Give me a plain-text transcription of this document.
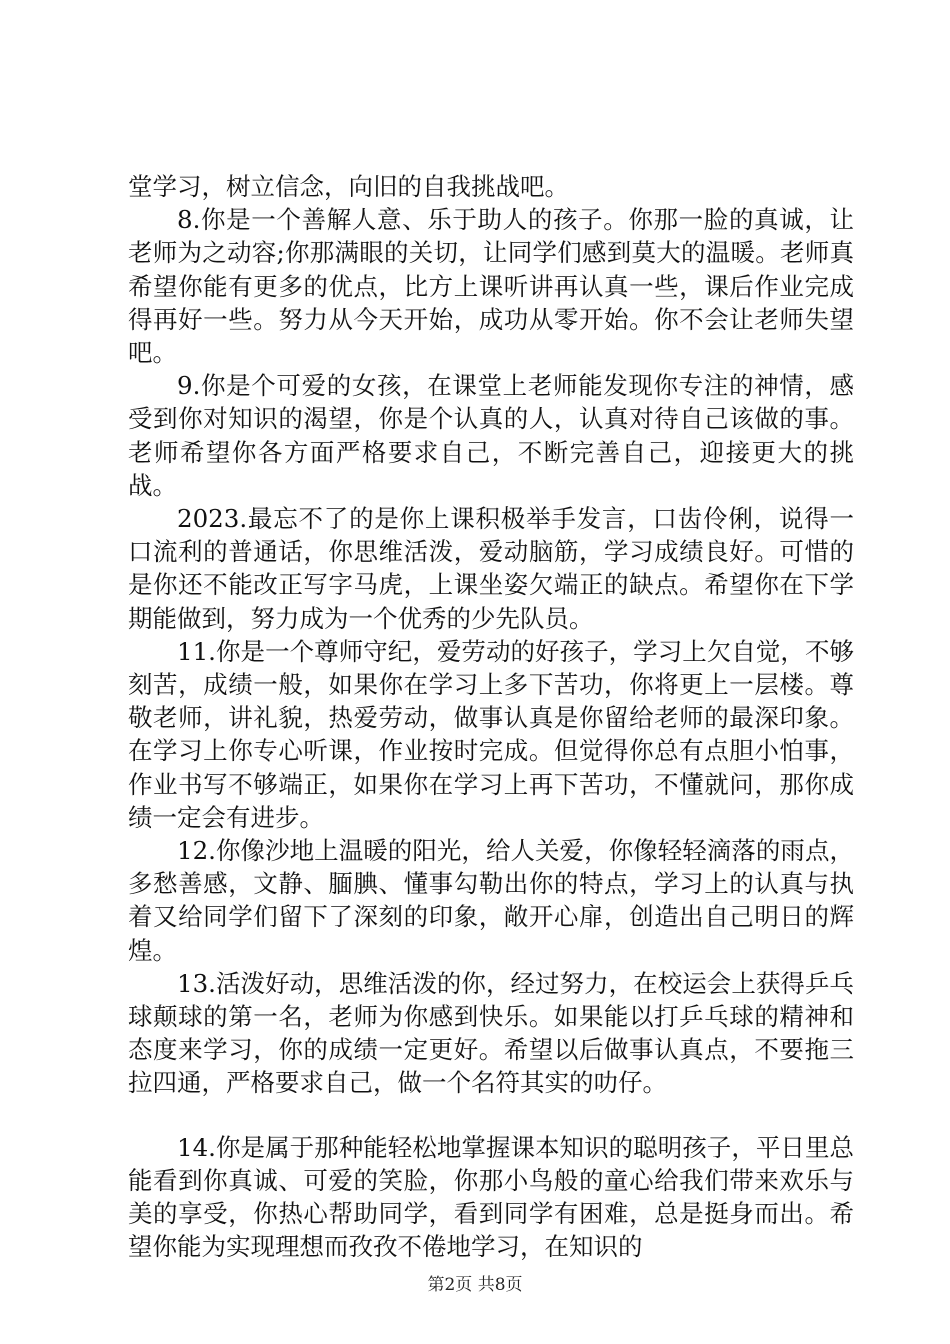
堂学习，树立信念，向旧的自我挑战吧。

8.你是一个善解人意、乐于助人的孩子。你那一脸的真诚，让老师为之动容;你那满眼的关切，让同学们感到莫大的温暖。老师真希望你能有更多的优点，比方上课听讲再认真一些，课后作业完成得再好一些。努力从今天开始，成功从零开始。你不会让老师失望吧。

9.你是个可爱的女孩，在课堂上老师能发现你专注的神情，感受到你对知识的渴望，你是个认真的人，认真对待自己该做的事。老师希望你各方面严格要求自己，不断完善自己，迎接更大的挑战。

2023.最忘不了的是你上课积极举手发言，口齿伶俐，说得一口流利的普通话，你思维活泼，爱动脑筋，学习成绩良好。可惜的是你还不能改正写字马虎，上课坐姿欠端正的缺点。希望你在下学期能做到，努力成为一个优秀的少先队员。

11.你是一个尊师守纪，爱劳动的好孩子，学习上欠自觉，不够刻苦，成绩一般，如果你在学习上多下苦功，你将更上一层楼。尊敬老师，讲礼貌，热爱劳动，做事认真是你留给老师的最深印象。在学习上你专心听课，作业按时完成。但觉得你总有点胆小怕事，作业书写不够端正，如果你在学习上再下苦功，不懂就问，那你成绩一定会有进步。

12.你像沙地上温暖的阳光，给人关爱，你像轻轻滴落的雨点，多愁善感，文静、腼腆、懂事勾勒出你的特点，学习上的认真与执着又给同学们留下了深刻的印象，敞开心扉，创造出自己明日的辉煌。

13.活泼好动，思维活泼的你，经过努力，在校运会上获得乒乓球颠球的第一名，老师为你感到快乐。如果能以打乒乓球的精神和态度来学习，你的成绩一定更好。希望以后做事认真点，不要拖三拉四通，严格要求自己，做一个名符其实的叻仔。

14.你是属于那种能轻松地掌握课本知识的聪明孩子，平日里总能看到你真诚、可爱的笑脸，你那小鸟般的童心给我们带来欢乐与美的享受，你热心帮助同学，看到同学有困难，总是挺身而出。希望你能为实现理想而孜孜不倦地学习，在知识的

第2页 共8页
